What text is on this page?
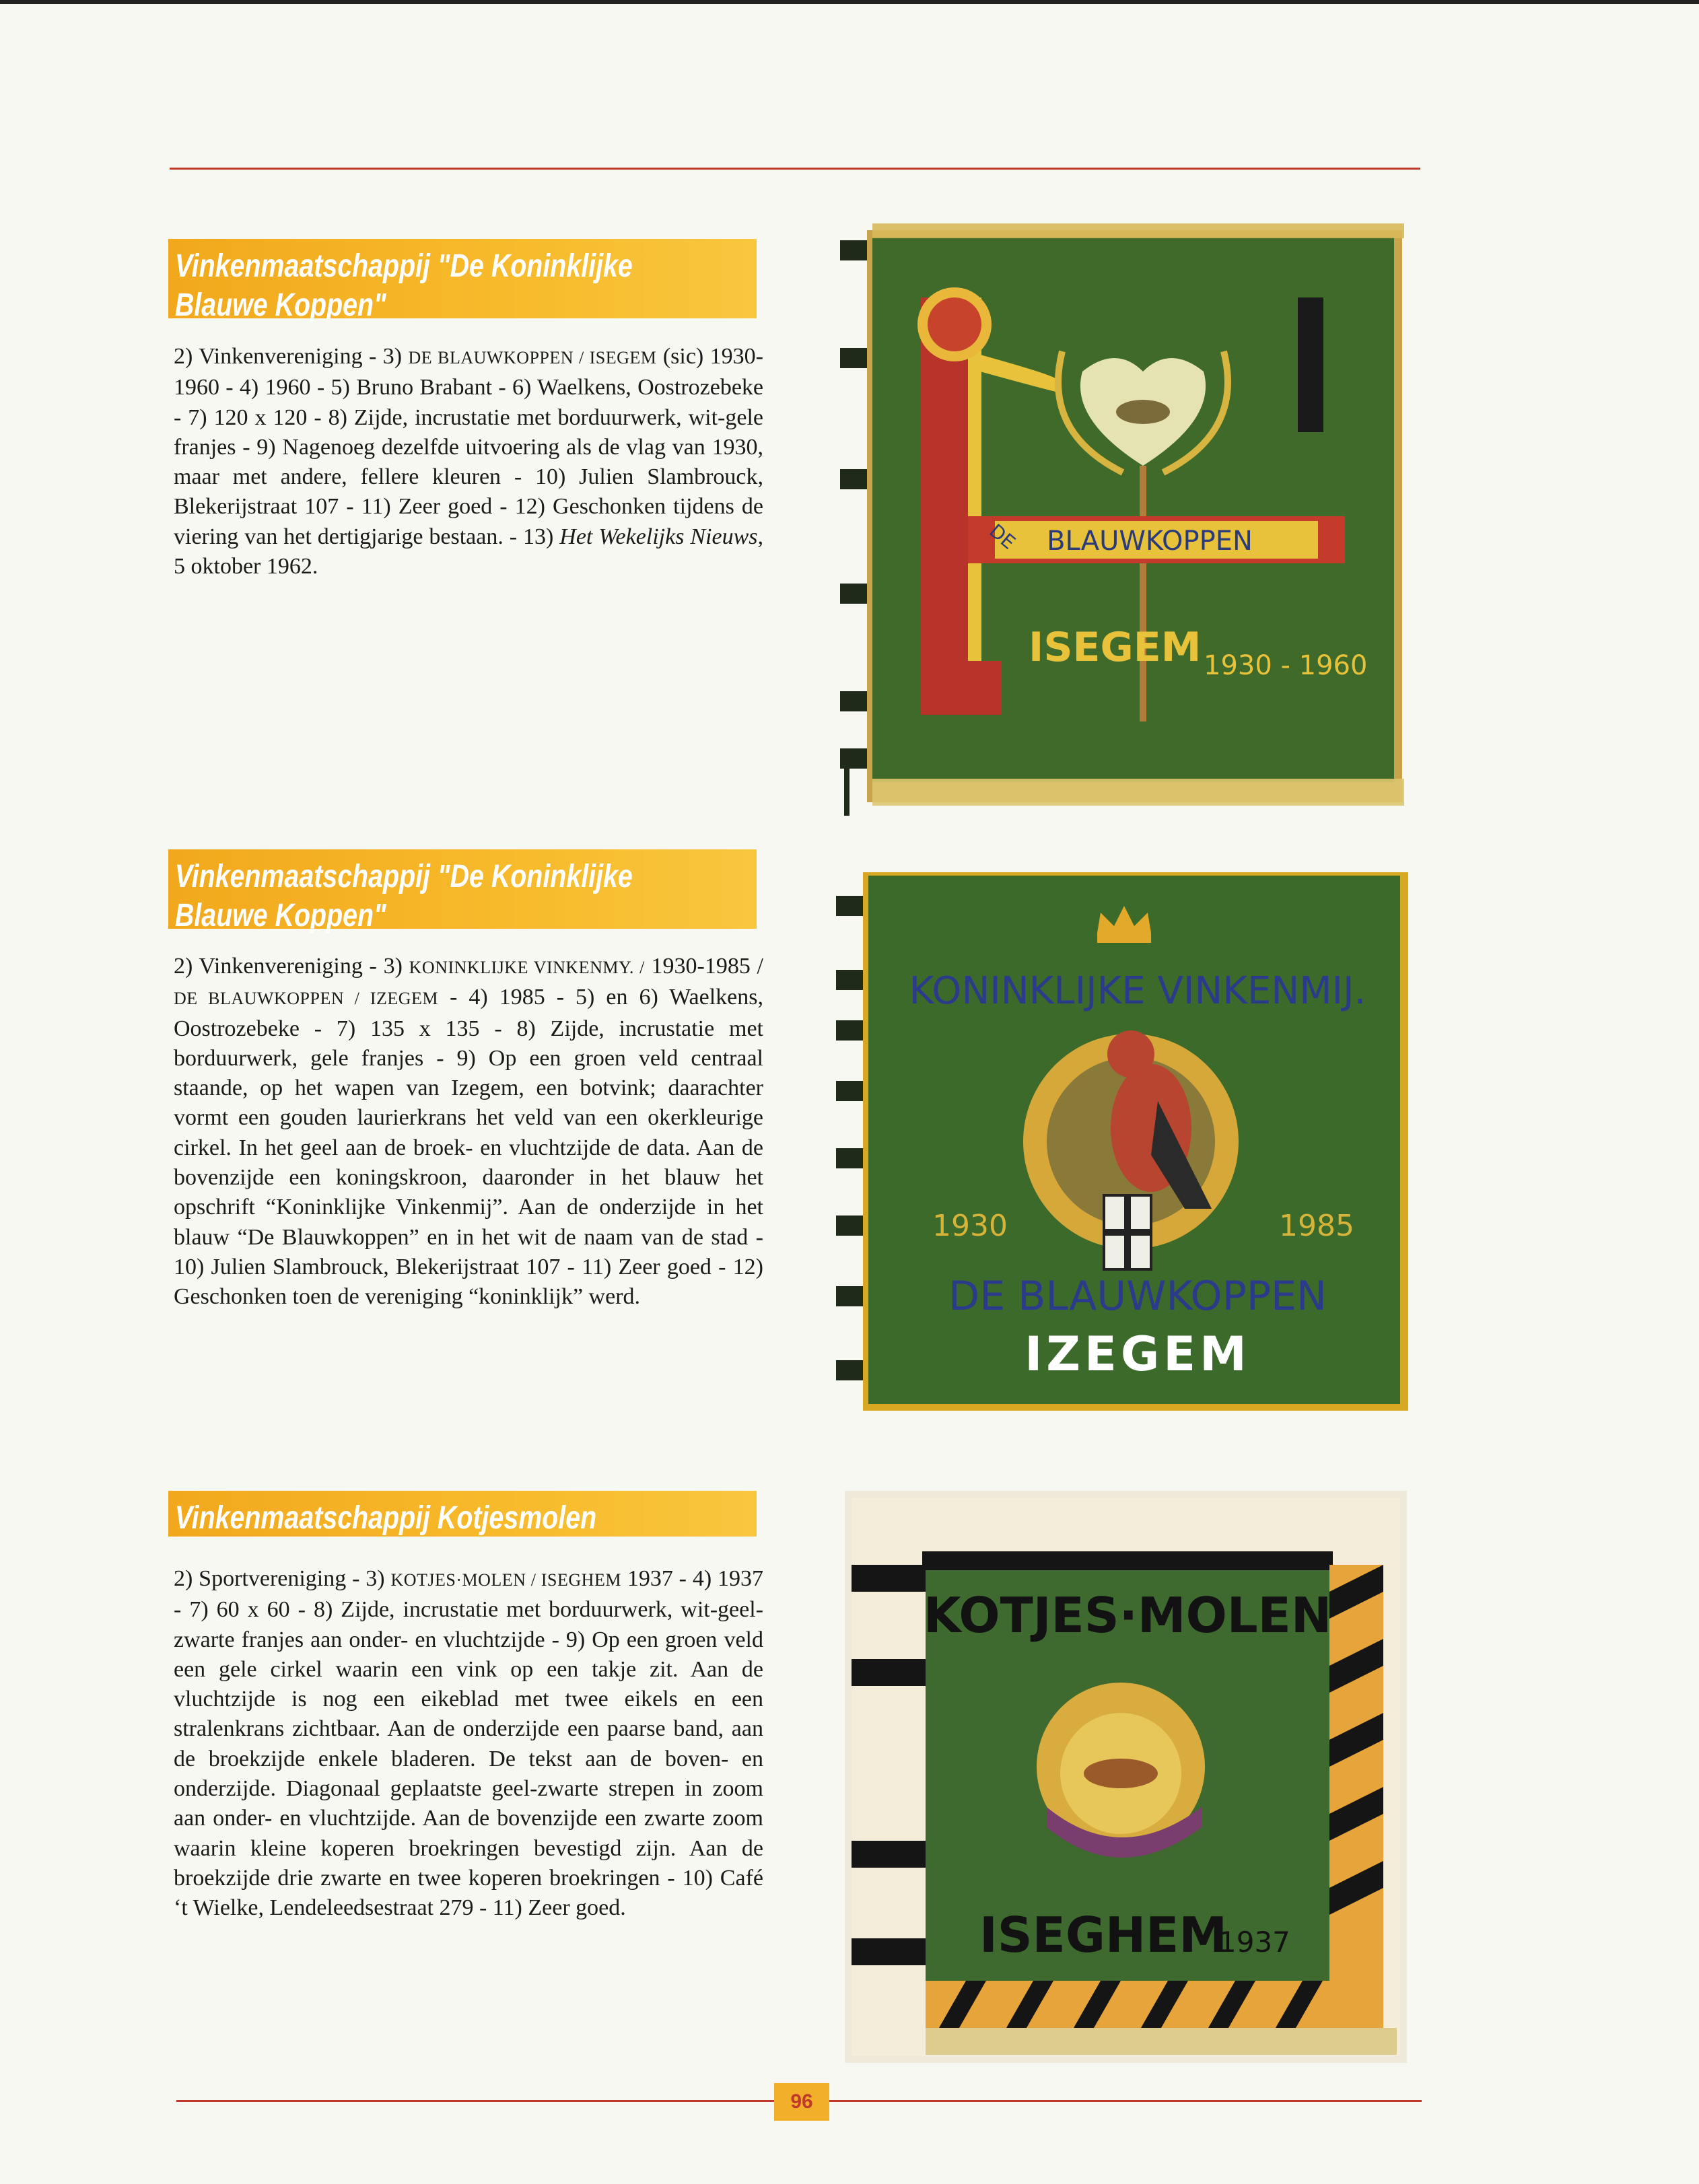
Vinkenmaatschappij "De Koninklijke
Blauwe Koppen"
2) Vinkenvereniging - 3) DE BLAUWKOPPEN / ISEGEM (sic) 1930-1960 - 4) 1960 - 5) Bruno Brabant - 6) Waelkens, Oostrozebeke - 7) 120 x 120 - 8) Zijde, incrustatie met borduurwerk, wit-gele franjes - 9) Nagenoeg dezelfde uitvoering als de vlag van 1930, maar met andere, fellere kleuren - 10) Julien Slambrouck, Blekerijstraat 107 - 11) Zeer goed - 12) Geschonken tijdens de viering van het dertigjarige bestaan. - 13) Het Wekelijks Nieuws, 5 oktober 1962.
BLAUWKOPPEN
DE
ISEGEM 1930 - 1960
Vinkenmaatschappij "De Koninklijke
Blauwe Koppen"
2) Vinkenvereniging - 3) KONINKLIJKE VINKENMY. / 1930-1985 / DE BLAUWKOPPEN / IZEGEM - 4) 1985 - 5) en 6) Waelkens, Oostrozebeke - 7) 135 x 135 - 8) Zijde, incrustatie met borduurwerk, gele franjes - 9) Op een groen veld centraal staande, op het wapen van Izegem, een botvink; daarachter vormt een gouden laurierkrans het veld van een okerkleurige cirkel. In het geel aan de broek- en vluchtzijde de data. Aan de bovenzijde een koningskroon, daaronder in het blauw het opschrift “Koninklijke Vinkenmij”. Aan de onderzijde in het blauw “De Blauwkoppen” en in het wit de naam van de stad - 10) Julien Slambrouck, Blekerijstraat 107 - 11) Zeer goed - 12) Geschonken toen de vereniging “koninklijk” werd.
KONINKLIJKE VINKENMIJ.
1930	1985
DE BLAUWKOPPEN
IZEGEM
Vinkenmaatschappij Kotjesmolen
2) Sportvereniging - 3) KOTJES·MOLEN / ISEGHEM 1937 - 4) 1937 - 7) 60 x 60 - 8) Zijde, incrustatie met borduurwerk, wit-geel-zwarte franjes aan onder- en vluchtzijde - 9) Op een groen veld een gele cirkel waarin een vink op een takje zit. Aan de vluchtzijde is nog een eikeblad met twee eikels en een stralenkrans zichtbaar. Aan de onderzijde een paarse band, aan de broekzijde enkele bladeren. De tekst aan de boven- en onderzijde. Diagonaal geplaatste geel-zwarte strepen in zoom aan onder- en vluchtzijde. Aan de bovenzijde een zwarte zoom waarin kleine koperen broekringen bevestigd zijn. Aan de broekzijde drie zwarte en twee koperen broekringen - 10) Café ‘t Wielke, Lendeleedsestraat 279 - 11) Zeer goed.
KOTJES·MOLEN
ISEGHEM
1937
96
